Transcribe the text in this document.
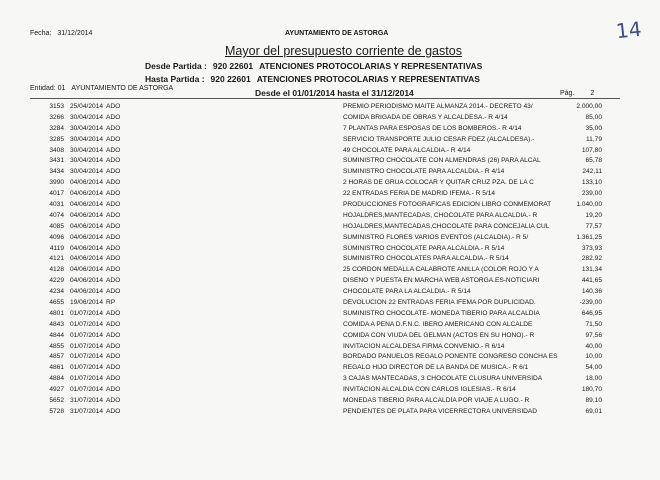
Fecha: 31/12/2014	AYUNTAMIENTO DE ASTORGA	14
Mayor del presupuesto corriente de gastos
Desde Partida : 920 22601 ATENCIONES PROTOCOLARIAS Y REPRESENTATIVAS
Hasta Partida : 920 22601 ATENCIONES PROTOCOLARIAS Y REPRESENTATIVAS
Entidad: 01 AYUNTAMIENTO DE ASTORGA	Desde el 01/01/2014 hasta el 31/12/2014	Pág. 2
3153 25/04/2014 ADO	PREMIO PERIODISMO MAITE ALMANZA 2014.- DECRETO 43/	2.000,00
3266 30/04/2014 ADO	COMIDA BRIGADA DE OBRAS Y ALCALDESA.- R 4/14	85,00
3284 30/04/2014 ADO	7 PLANTAS PARA ESPOSAS DE LOS BOMBEROS.- R 4/14	35,00
3285 30/04/2014 ADO	SERVICIO TRANSPORTE JULIO CESAR FDEZ (ALCALDESA).-	11,79
3408 30/04/2014 ADO	49 CHOCOLATE PARA ALCALDIA.- R 4/14	107,80
3431 30/04/2014 ADO	SUMINISTRO CHOCOLATE CON ALMENDRAS (26) PARA ALCAL	65,78
3434 30/04/2014 ADO	SUMINISTRO CHOCOLATE PARA ALCALDIA.- R 4/14	242,11
3990 04/06/2014 ADO	2 HORAS DE GRUA COLOCAR Y QUITAR CRUZ PZA. DE LA C	133,10
4017 04/06/2014 ADO	22 ENTRADAS FERIA DE MADRID IFEMA.- R 5/14	239,00
4031 04/06/2014 ADO	PRODUCCIONES FOTOGRAFICAS EDICION LIBRO CONMEMORAT	1.040,00
4074 04/06/2014 ADO	HOJALDRES,MANTECADAS, CHOCOLATE PARA ALCALDIA.- R	19,20
4085 04/06/2014 ADO	HOJALDRES,MANTECADAS,CHOCOLATE PARA CONCEJALIA CUL	77,57
4096 04/06/2014 ADO	SUMINISTRO FLORES VARIOS EVENTOS (ALCALDIA).- R 5/	1.361,25
4119 04/06/2014 ADO	SUMINISTRO CHOCOLATE PARA ALCALDIA.- R 5/14	373,93
4121 04/06/2014 ADO	SUMINISTRO CHOCOLATES PARA ALCALDIA.- R 5/14	282,92
4128 04/06/2014 ADO	25 CORDON MEDALLA CALABROTE ANILLA (COLOR ROJO Y A	131,34
4229 04/06/2014 ADO	DISEÑO Y PUESTA EN MARCHA WEB ASTORGA.ES-NOTICIARI	441,65
4234 04/06/2014 ADO	CHOCOLATE PARA LA ALCALDIA.- R 5/14	140,36
4655 19/06/2014 RP	DEVOLUCION 22 ENTRADAS FERIA IFEMA POR DUPLICIDAD.	-239,00
4801 01/07/2014 ADO	SUMINISTRO CHOCOLATE- MONEDA TIBERIO PARA ALCALDIA	646,95
4843 01/07/2014 ADO	COMIDA A PEÑA D.F.N.C. IBERO AMERICANO CON ALCALDE	71,50
4844 01/07/2014 ADO	COMIDA CON VIUDA DEL GELMAN (ACTOS EN SU HONO).- R	97,56
4855 01/07/2014 ADO	INVITACION ALCALDESA FIRMA CONVENIO.- R 6/14	40,00
4857 01/07/2014 ADO	BORDADO PAÑUELOS REGALO PONENTE CONGRESO CONCHA ES	10,00
4861 01/07/2014 ADO	REGALO HIJO DIRECTOR DE LA BANDA DE MUSICA.- R 6/1	54,00
4884 01/07/2014 ADO	3 CAJAS MANTECADAS, 3 CHOCOLATE CLUSURA UNIVERSIDA	18,00
4927 01/07/2014 ADO	INVITACION ALCALDIA CON CARLOS IGLESIAS.- R 6/14	180,70
5652 31/07/2014 ADO	MONEDAS TIBERIO PARA ALCALDÍA POR VIAJE A LUGO.- R	89,10
5728 31/07/2014 ADO	PENDIENTES DE PLATA PARA VICERRECTORA UNIVERSIDAD	69,01
